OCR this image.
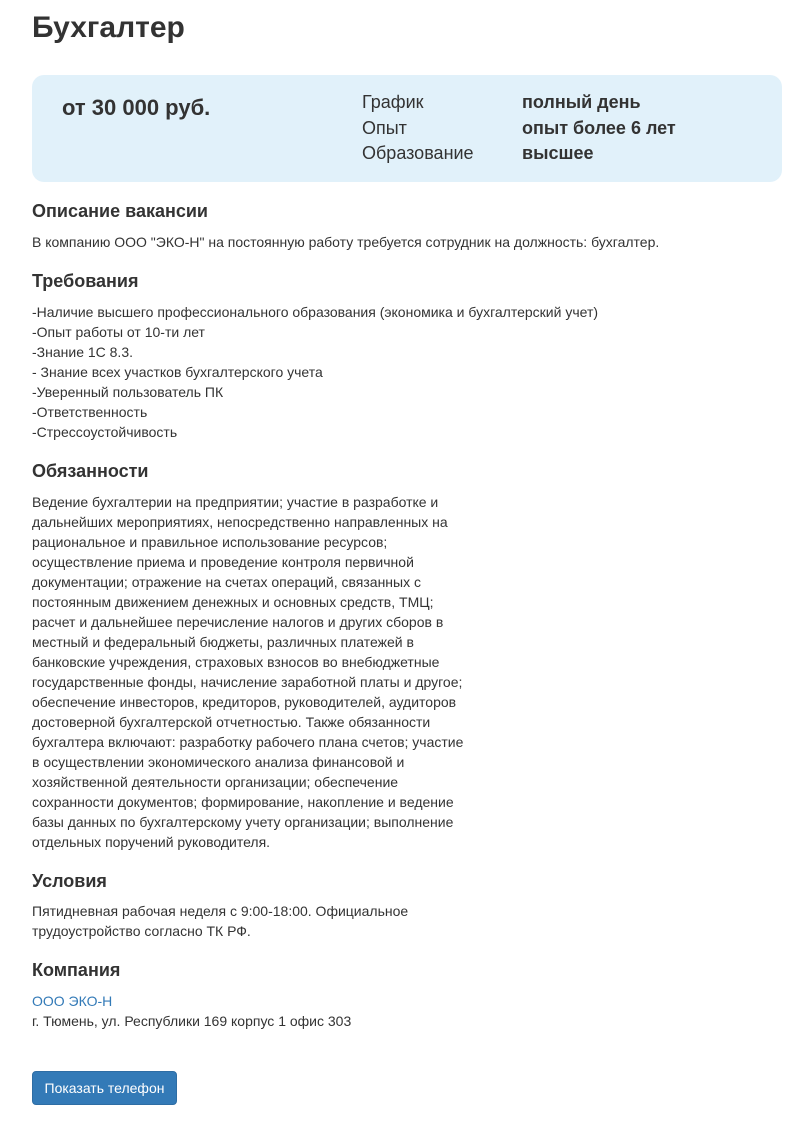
Бухгалтер
от 30 000 руб.	График	полный день
Опыт	опыт более 6 лет
Образование	высшее
Описание вакансии

В компанию ООО "ЭКО-Н" на постоянную работу требуется сотрудник на должность: бухгалтер.

Требования

-Наличие высшего профессионального образования (экономика и бухгалтерский учет)
-Опыт работы от 10-ти лет
-Знание 1С 8.3.
- Знание всех участков бухгалтерского учета
-Уверенный пользователь ПК
-Ответственность
-Стрессоустойчивость

Обязанности

Ведение бухгалтерии на предприятии; участие в разработке и
дальнейших мероприятиях, непосредственно направленных на
рациональное и правильное использование ресурсов;
осуществление приема и проведение контроля первичной
документации; отражение на счетах операций, связанных с
постоянным движением денежных и основных средств, ТМЦ;
расчет и дальнейшее перечисление налогов и других сборов в
местный и федеральный бюджеты, различных платежей в
банковские учреждения, страховых взносов во внебюджетные
государственные фонды, начисление заработной платы и другое;
обеспечение инвесторов, кредиторов, руководителей, аудиторов
достоверной бухгалтерской отчетностью. Также обязанности
бухгалтера включают: разработку рабочего плана счетов; участие
в осуществлении экономического анализа финансовой и
хозяйственной деятельности организации; обеспечение
сохранности документов; формирование, накопление и ведение
базы данных по бухгалтерскому учету организации; выполнение
отдельных поручений руководителя.

Условия

Пятидневная рабочая неделя с 9:00-18:00. Официальное
трудоустройство согласно ТК РФ.

Компания

ООО ЭКО-Н
г. Тюмень, ул. Республики 169 корпус 1 офис 303

Показать телефон
